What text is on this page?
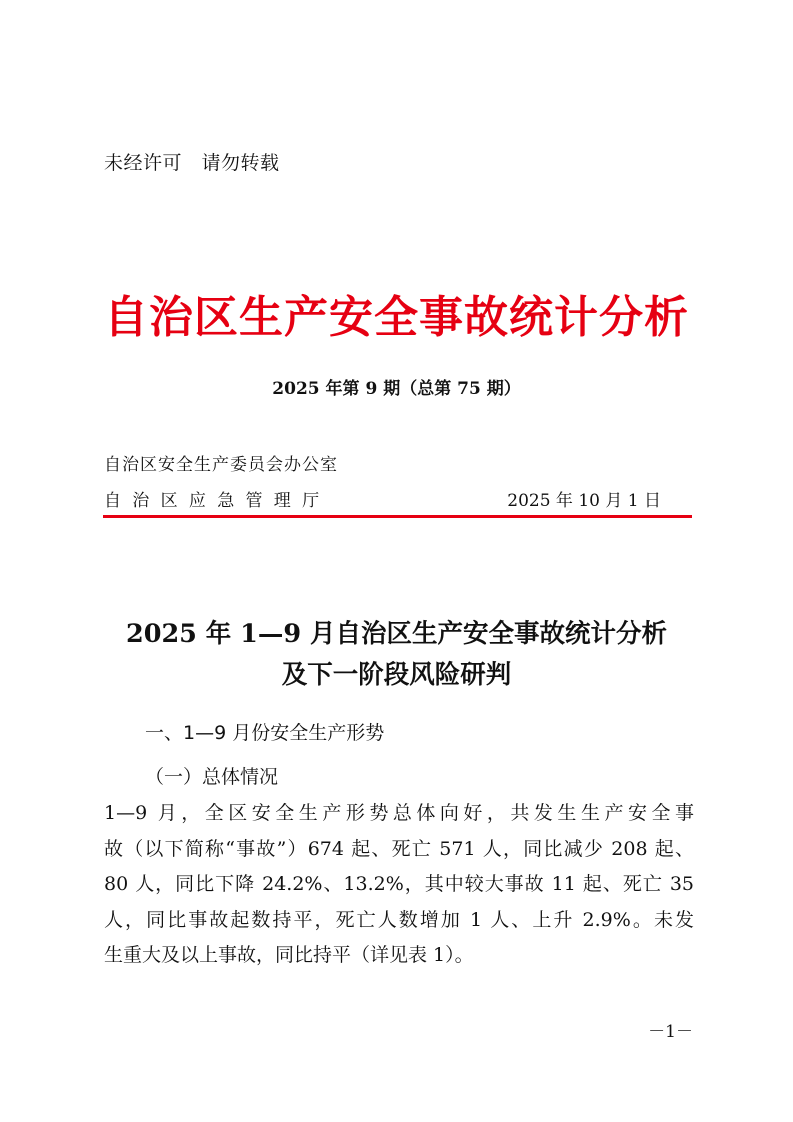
未经许可　请勿转载
自治区生产安全事故统计分析
2025 年第 9 期（总第 75 期）
自治区安全生产委员会办公室
自治区应急管理厅	2025 年 10 月 1 日
2025 年 1—9 月自治区生产安全事故统计分析
及下一阶段风险研判
一、1—9 月份安全生产形势
（一）总体情况
1—9 月，全区安全生产形势总体向好，共发生生产安全事
故（以下简称“事故”）674 起、死亡 571 人，同比减少 208 起、
80 人，同比下降 24.2%、13.2%，其中较大事故 11 起、死亡 35
人，同比事故起数持平，死亡人数增加 1 人、上升 2.9%。未发
生重大及以上事故，同比持平（详见表 1）。
－1－
